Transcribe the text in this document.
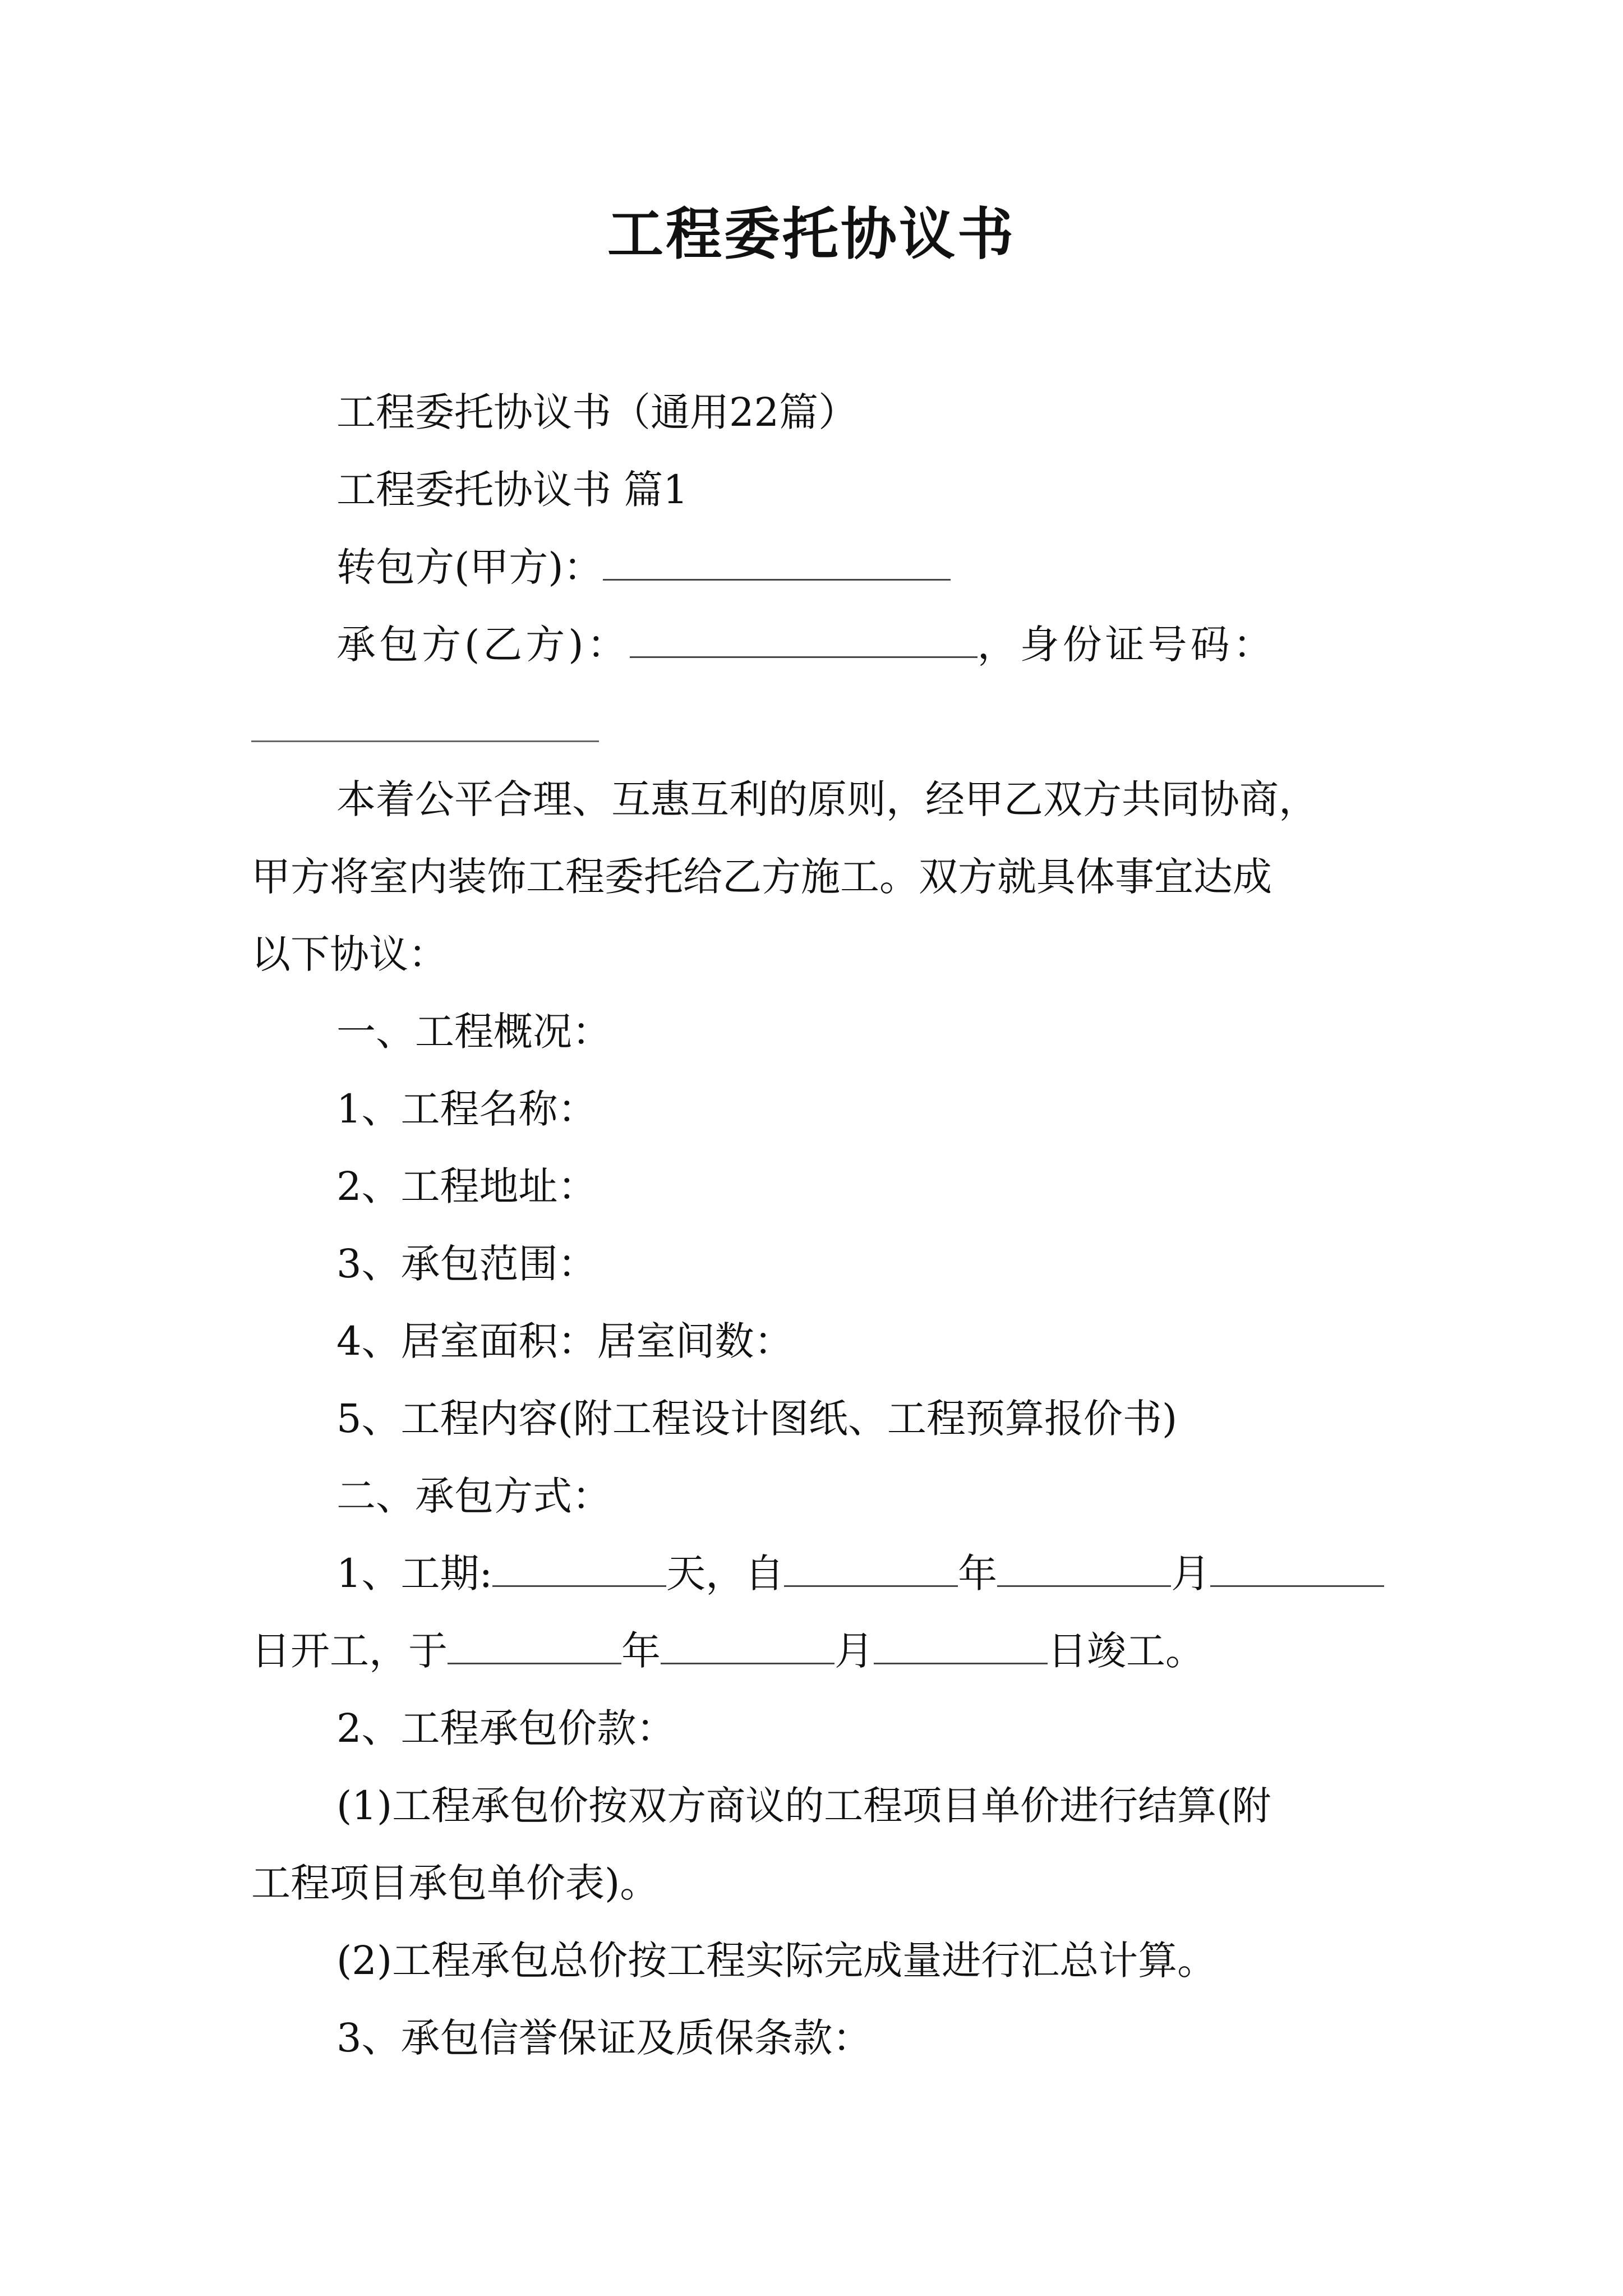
工程委托协议书
工程委托协议书（通用22篇）
工程委托协议书 篇1
转包方(甲方)：
承包方(乙方)：	，身份证号码：
本着公平合理、互惠互利的原则，经甲乙双方共同协商，
甲方将室内装饰工程委托给乙方施工。双方就具体事宜达成
以下协议：
一、工程概况：
1、工程名称：
2、工程地址：
3、承包范围：
4、居室面积：居室间数：
5、工程内容(附工程设计图纸、工程预算报价书)
二、承包方式：
1、工期:	天，自	年	月
日开工，于	年	月	日竣工。
2、工程承包价款：
(1)工程承包价按双方商议的工程项目单价进行结算(附
工程项目承包单价表)。
(2)工程承包总价按工程实际完成量进行汇总计算。
3、承包信誉保证及质保条款：
